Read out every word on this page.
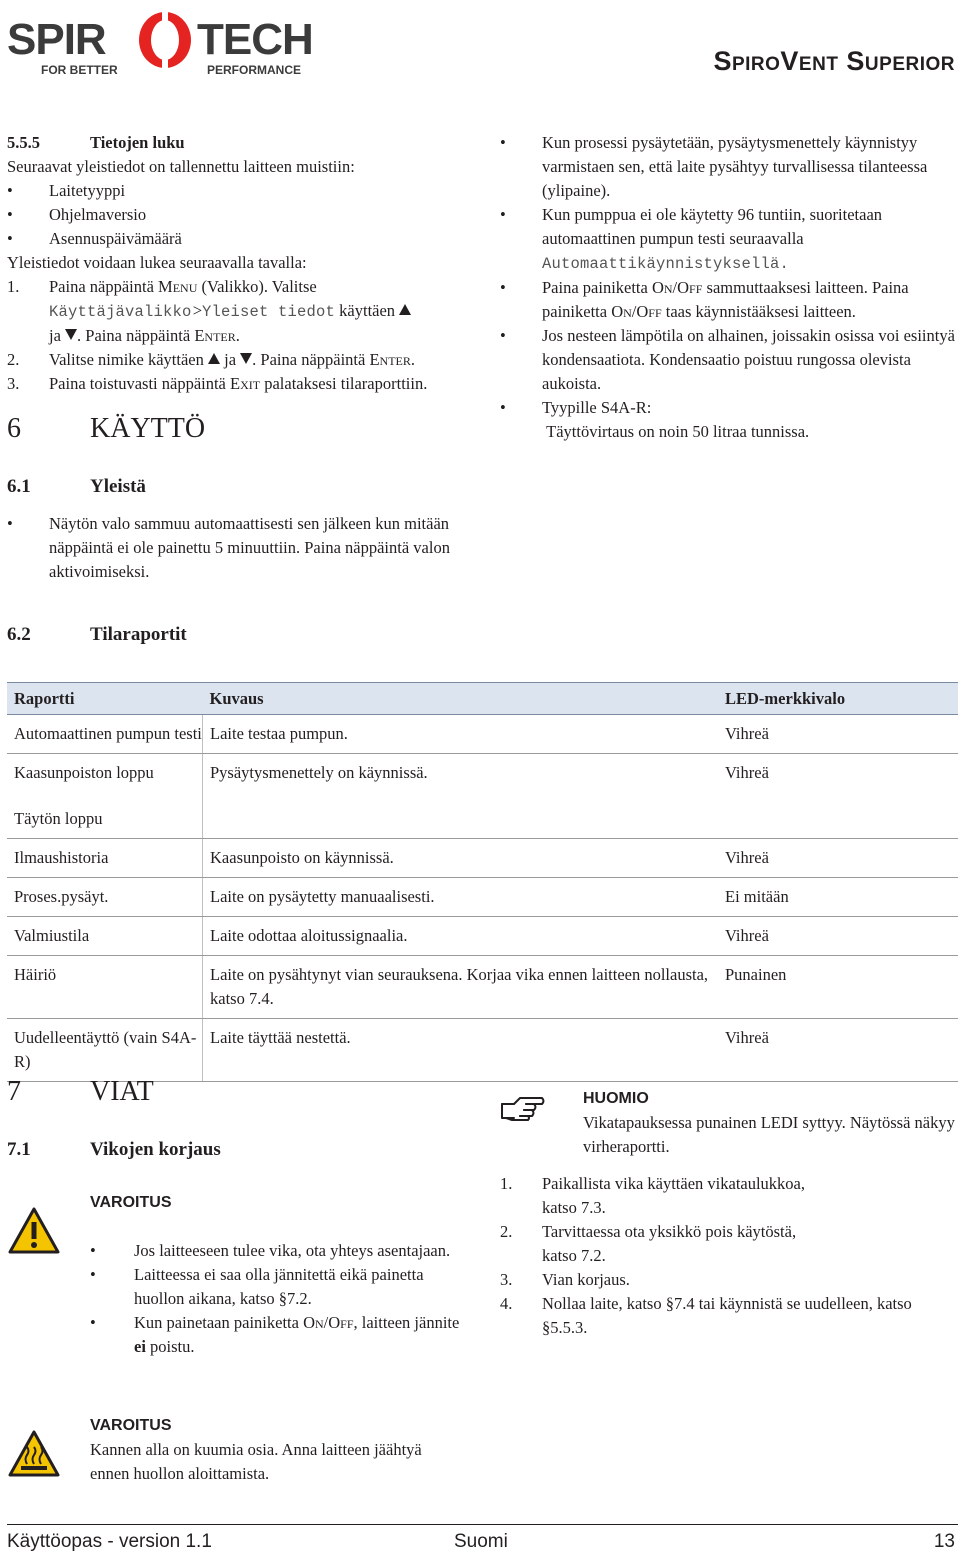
SPIR TECH
FOR BETTER	PERFORMANCE	SpiroVent Superior
5.5.5	Tietojen luku
Seuraavat yleistiedot on tallennettu laitteen muistiin:
• Laitetyyppi
• Ohjelmaversio
• Asennuspäivämäärä
Yleistiedot voidaan lukea seuraavalla tavalla:
1. Paina näppäintä Menu (Valikko). Valitse
Käyttäjävalikko >Yleiset tiedot käyttäen
ja . Paina näppäintä Enter.
2. Valitse nimike käyttäen ja . Paina näppäintä Enter.
3. Paina toistuvasti näppäintä Exit palataksesi tilaraporttiin.
6	KÄYTTÖ
• Kun prosessi pysäytetään, pysäytysmenettely käynnistyy varmistaen sen, että laite pysähtyy turvallisessa tilanteessa (ylipaine).
• Kun pumppua ei ole käytetty 96 tuntiin, suoritetaan automaattinen pumpun testi seuraavalla
Automaattikäynnistyksellä.
• Paina painiketta On/Off sammuttaaksesi laitteen. Paina painiketta On/Off taas käynnistääksesi laitteen.
• Jos nesteen lämpötila on alhainen, joissakin osissa voi esiintyä kondensaatiota. Kondensaatio poistuu rungossa olevista aukoista.
• Tyypille S4A-R:
Täyttövirtaus on noin 50 litraa tunnissa.
6.1	Yleistä
• Näytön valo sammuu automaattisesti sen jälkeen kun mitään näppäintä ei ole painettu 5 minuuttiin. Paina näppäintä valon aktivoimiseksi.
6.2	Tilaraportit
Raportti	Kuvaus	LED-merkkivalo
Automaattinen pumpun testi	Laite testaa pumpun.	Vihreä
Kaasunpoiston loppu	Pysäytysmenettely on käynnissä.	Vihreä
Täytön loppu		
Ilmaushistoria	Kaasunpoisto on käynnissä.	Vihreä
Proses.pysäyt.	Laite on pysäytetty manuaalisesti.	Ei mitään
Valmiustila	Laite odottaa aloitussignaalia.	Vihreä
Häiriö	Laite on pysähtynyt vian seurauksena. Korjaa vika ennen laitteen nollausta, katso 7.4.	Punainen
Uudelleentäyttö (vain S4A-R)	Laite täyttää nestettä.	Vihreä
7	VIAT
7.1	Vikojen korjaus
VAROITUS
• Jos laitteeseen tulee vika, ota yhteys asentajaan.
• Laitteessa ei saa olla jännitettä eikä painetta huollon aikana, katso §7.2.
• Kun painetaan painiketta On/Off, laitteen jännite ei poistu.
HUOMIO
Vikatapauksessa punainen LEDI syttyy. Näytössä näkyy virheraportti.
1. Paikallista vika käyttäen vikataulukkoa,
katso 7.3.
2. Tarvittaessa ota yksikkö pois käytöstä,
katso 7.2.
3. Vian korjaus.
4. Nollaa laite, katso §7.4 tai käynnistä se uudelleen, katso §5.5.3.
VAROITUS
Kannen alla on kuumia osia. Anna laitteen jäähtyä ennen huollon aloittamista.
Käyttöopas - version 1.1	Suomi	13
